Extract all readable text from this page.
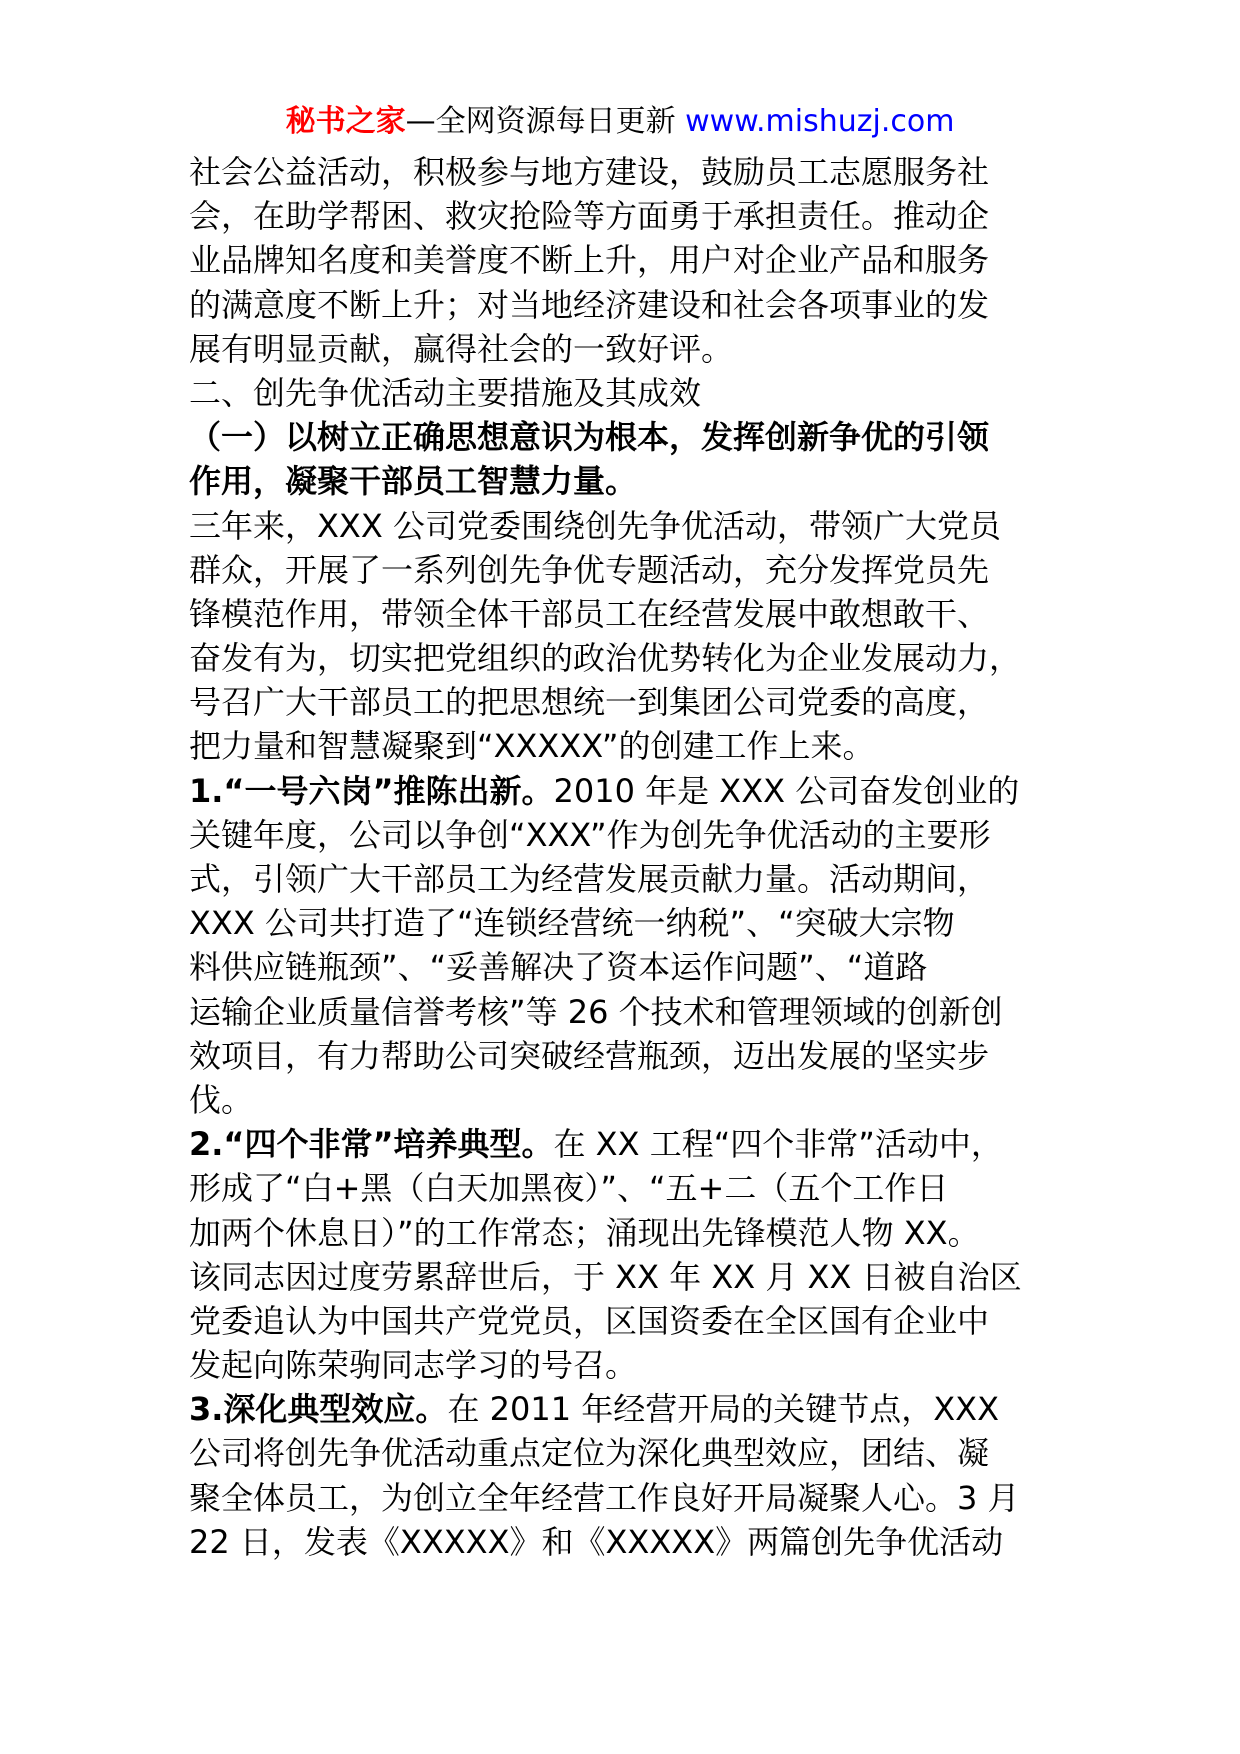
秘书之家—全网资源每日更新 www.mishuzj.com
社会公益活动，积极参与地方建设，鼓励员工志愿服务社
会，在助学帮困、救灾抢险等方面勇于承担责任。推动企
业品牌知名度和美誉度不断上升，用户对企业产品和服务
的满意度不断上升；对当地经济建设和社会各项事业的发
展有明显贡献，赢得社会的一致好评。
二、创先争优活动主要措施及其成效
（一）以树立正确思想意识为根本，发挥创新争优的引领
作用，凝聚干部员工智慧力量。
三年来，XXX 公司党委围绕创先争优活动，带领广大党员
群众，开展了一系列创先争优专题活动，充分发挥党员先
锋模范作用，带领全体干部员工在经营发展中敢想敢干、
奋发有为，切实把党组织的政治优势转化为企业发展动力，
号召广大干部员工的把思想统一到集团公司党委的高度，
把力量和智慧凝聚到“XXXXX”的创建工作上来。
1.“一号六岗”推陈出新。2010 年是 XXX 公司奋发创业的
关键年度，公司以争创“XXX”作为创先争优活动的主要形
式，引领广大干部员工为经营发展贡献力量。活动期间，
XXX 公司共打造了“连锁经营统一纳税”、“突破大宗物
料供应链瓶颈”、“妥善解决了资本运作问题”、“道路
运输企业质量信誉考核”等 26 个技术和管理领域的创新创
效项目，有力帮助公司突破经营瓶颈，迈出发展的坚实步
伐。
2.“四个非常”培养典型。在 XX 工程“四个非常”活动中，
形成了“白+黑（白天加黑夜）”、“五+二（五个工作日
加两个休息日）”的工作常态；涌现出先锋模范人物 XX。
该同志因过度劳累辞世后，于 XX 年 XX 月 XX 日被自治区
党委追认为中国共产党党员，区国资委在全区国有企业中
发起向陈荣驹同志学习的号召。
3.深化典型效应。在 2011 年经营开局的关键节点，XXX
公司将创先争优活动重点定位为深化典型效应，团结、凝
聚全体员工，为创立全年经营工作良好开局凝聚人心。3 月
22 日，发表《XXXXX》和《XXXXX》两篇创先争优活动
